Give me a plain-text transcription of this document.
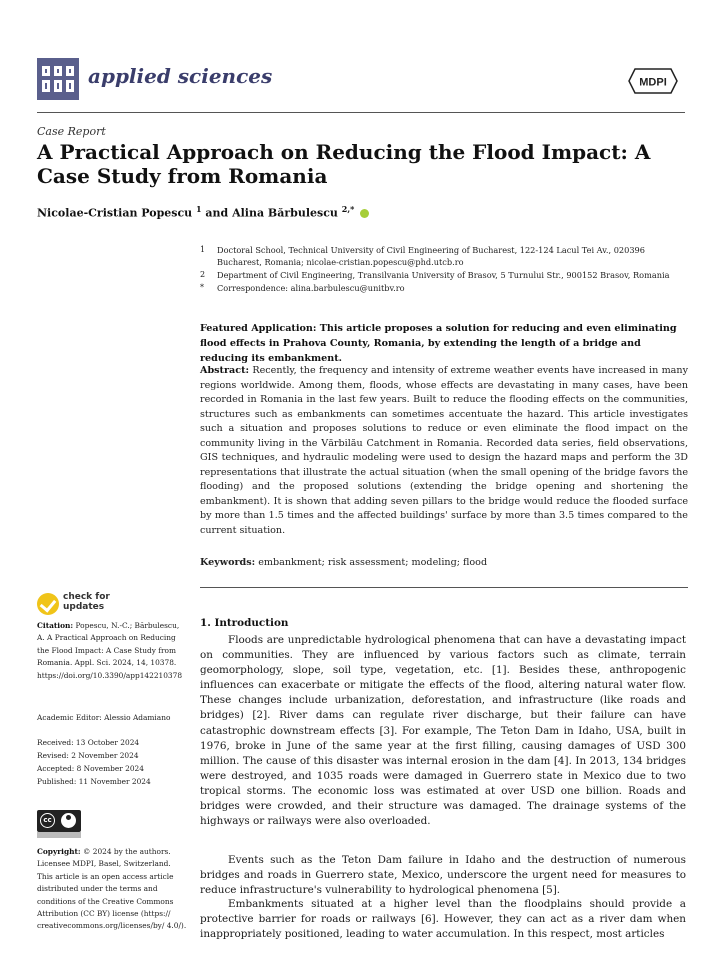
applied sciences	MDPI
Case Report
A Practical Approach on Reducing the Flood Impact: A Case Study from Romania
Nicolae-Cristian Popescu $^1$ and Alina Bărbulescu $^{2,*}$
1 Doctoral School, Technical University of Civil Engineering of Bucharest, 122-124 Lacul Tei Av., 020396 Bucharest, Romania; nicolae-cristian.popescu@phd.utcb.ro
2 Department of Civil Engineering, Transilvania University of Brasov, 5 Turnului Str., 900152 Brasov, Romania
* Correspondence: alina.barbulescu@unitbv.ro
Featured Application: This article proposes a solution for reducing and even eliminating flood effects in Prahova County, Romania, by extending the length of a bridge and reducing its embankment.
Abstract: Recently, the frequency and intensity of extreme weather events have increased in many regions worldwide. Among them, floods, whose effects are devastating in many cases, have been recorded in Romania in the last few years. Built to reduce the flooding effects on the communities, structures such as embankments can sometimes accentuate the hazard. This article investigates such a situation and proposes solutions to reduce or even eliminate the flood impact on the community living in the Vărbilău Catchment in Romania. Recorded data series, field observations, GIS techniques, and hydraulic modeling were used to design the hazard maps and perform the 3D representations that illustrate the actual situation (when the small opening of the bridge favors the flooding) and the proposed solutions (extending the bridge opening and shortening the embankment). It is shown that adding seven pillars to the bridge would reduce the flooded surface by more than 1.5 times and the affected buildings' surface by more than 3.5 times compared to the current situation.
Keywords: embankment; risk assessment; modeling; flood
check for
updates
Citation: Popescu, N.-C.; Bărbulescu, A. A Practical Approach on Reducing the Flood Impact: A Case Study from Romania. Appl. Sci. 2024, 14, 10378. https://doi.org/10.3390/app142210378
Academic Editor: Alessio Adamiano
Received: 13 October 2024
Revised: 2 November 2024
Accepted: 8 November 2024
Published: 11 November 2024
cc
Copyright: © 2024 by the authors. Licensee MDPI, Basel, Switzerland. This article is an open access article distributed under the terms and conditions of the Creative Commons Attribution (CC BY) license (https:// creativecommons.org/licenses/by/ 4.0/).
1. Introduction
Floods are unpredictable hydrological phenomena that can have a devastating impact on communities. They are influenced by various factors such as climate, terrain geomorphology, slope, soil type, vegetation, etc. [1]. Besides these, anthropogenic influences can exacerbate or mitigate the effects of the flood, altering natural water flow. These changes include urbanization, deforestation, and infrastructure (like roads and bridges) [2]. River dams can regulate river discharge, but their failure can have catastrophic downstream effects [3]. For example, The Teton Dam in Idaho, USA, built in 1976, broke in June of the same year at the first filling, causing damages of USD 300 million. The cause of this disaster was internal erosion in the dam [4]. In 2013, 134 bridges were destroyed, and 1035 roads were damaged in Guerrero state in Mexico due to two tropical storms. The economic loss was estimated at over USD one billion. Roads and bridges were crowded, and their structure was damaged. The drainage systems of the highways or railways were also overloaded.
Events such as the Teton Dam failure in Idaho and the destruction of numerous bridges and roads in Guerrero state, Mexico, underscore the urgent need for measures to reduce infrastructure's vulnerability to hydrological phenomena [5].
Embankments situated at a higher level than the floodplains should provide a protective barrier for roads or railways [6]. However, they can act as a river dam when inappropriately positioned, leading to water accumulation. In this respect, most articles
